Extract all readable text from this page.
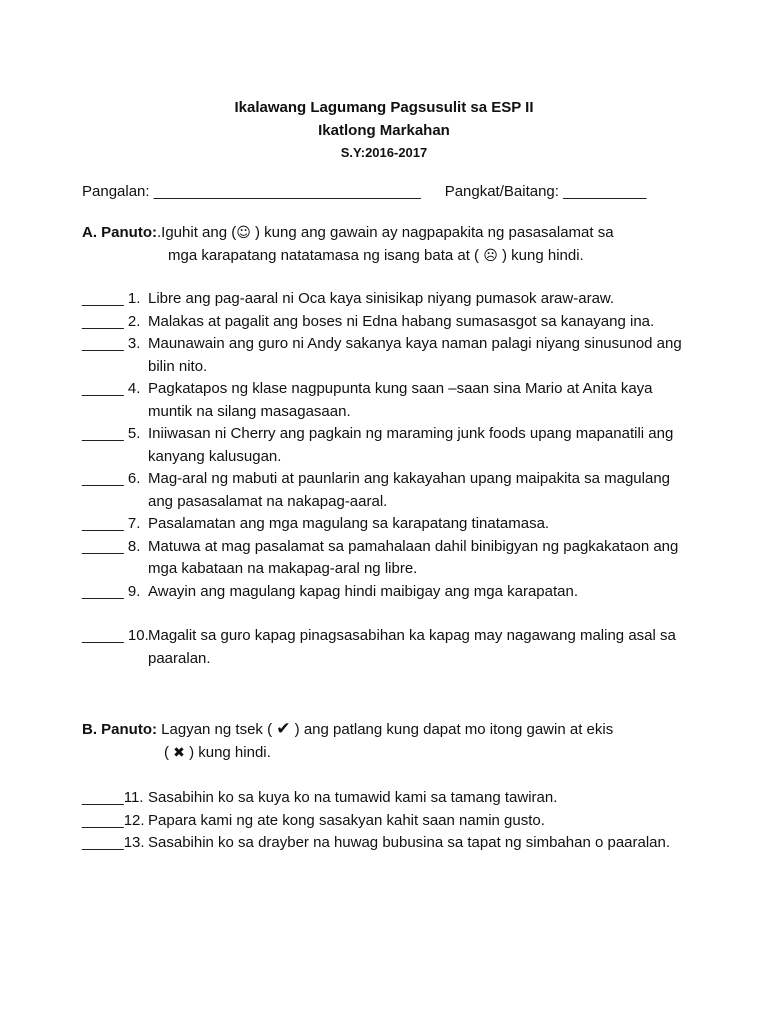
Ikalawang Lagumang Pagsusulit sa ESP II
Ikatlong Markahan
S.Y:2016-2017
Pangalan: ________________________________ Pangkat/Baitang: __________
A. Panuto:.Iguhit ang (☺ ) kung ang gawain ay nagpapakita ng pasasalamat sa
mga karapatang natatamasa ng isang bata at ( ☹ ) kung hindi.
_____ 1. Libre ang pag-aaral ni Oca kaya sinisikap niyang pumasok araw-araw.
_____ 2. Malakas at pagalit ang boses ni Edna habang sumasasgot sa kanayang ina.
_____ 3. Maunawain ang guro ni Andy sakanya kaya naman palagi niyang sinusunod ang bilin nito.
_____ 4. Pagkatapos ng klase nagpupunta kung saan –saan sina Mario at Anita kaya muntik na silang masagasaan.
_____ 5. Iniiwasan ni Cherry ang pagkain ng maraming junk foods upang mapanatili ang kanyang kalusugan.
_____ 6. Mag-aral ng mabuti at paunlarin ang kakayahan upang maipakita sa magulang ang pasasalamat na nakapag-aaral.
_____ 7. Pasalamatan ang mga magulang sa karapatang tinatamasa.
_____ 8. Matuwa at mag pasalamat sa pamahalaan dahil binibigyan ng pagkakataon ang mga kabataan na makapag-aral ng libre.
_____ 9. Awayin ang magulang kapag hindi maibigay ang mga karapatan.
_____ 10. Magalit sa guro kapag pinagsasabihan ka kapag may nagawang maling asal sa paaralan.
B. Panuto: Lagyan ng tsek ( ✔ ) ang patlang kung dapat mo itong gawin at ekis
( ✖ ) kung hindi.
_____11. Sasabihin ko sa kuya ko na tumawid kami sa tamang tawiran.
_____12. Papara kami ng ate kong sasakyan kahit saan namin gusto.
_____13. Sasabihin ko sa drayber na huwag bubusina sa tapat ng simbahan o paaralan.
